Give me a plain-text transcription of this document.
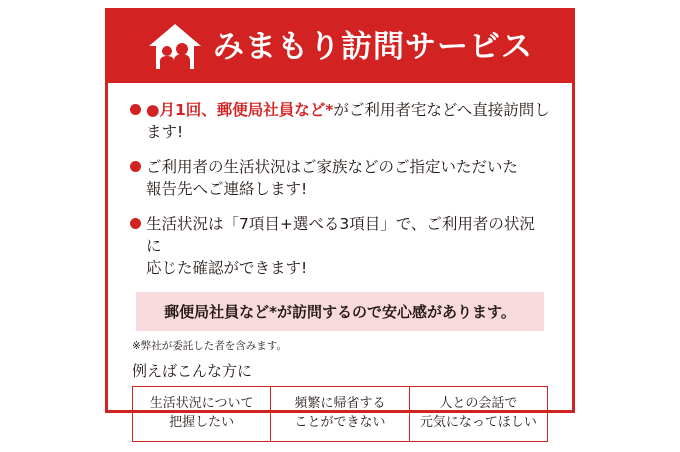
みまもり訪問サービス
●月1回、郵便局社員など*がご利用者宅などへ直接訪問します!
ご利用者の生活状況はご家族などのご指定いただいた
報告先へご連絡します!
生活状況は「7項目+選べる3項目」で、ご利用者の状況に
応じた確認ができます!
郵便局社員など*が訪問するので安心感があります。
※弊社が委託した者を含みます。
例えばこんな方に
生活状況について
把握したい
頻繁に帰省する
ことができない
人との会話で
元気になってほしい
